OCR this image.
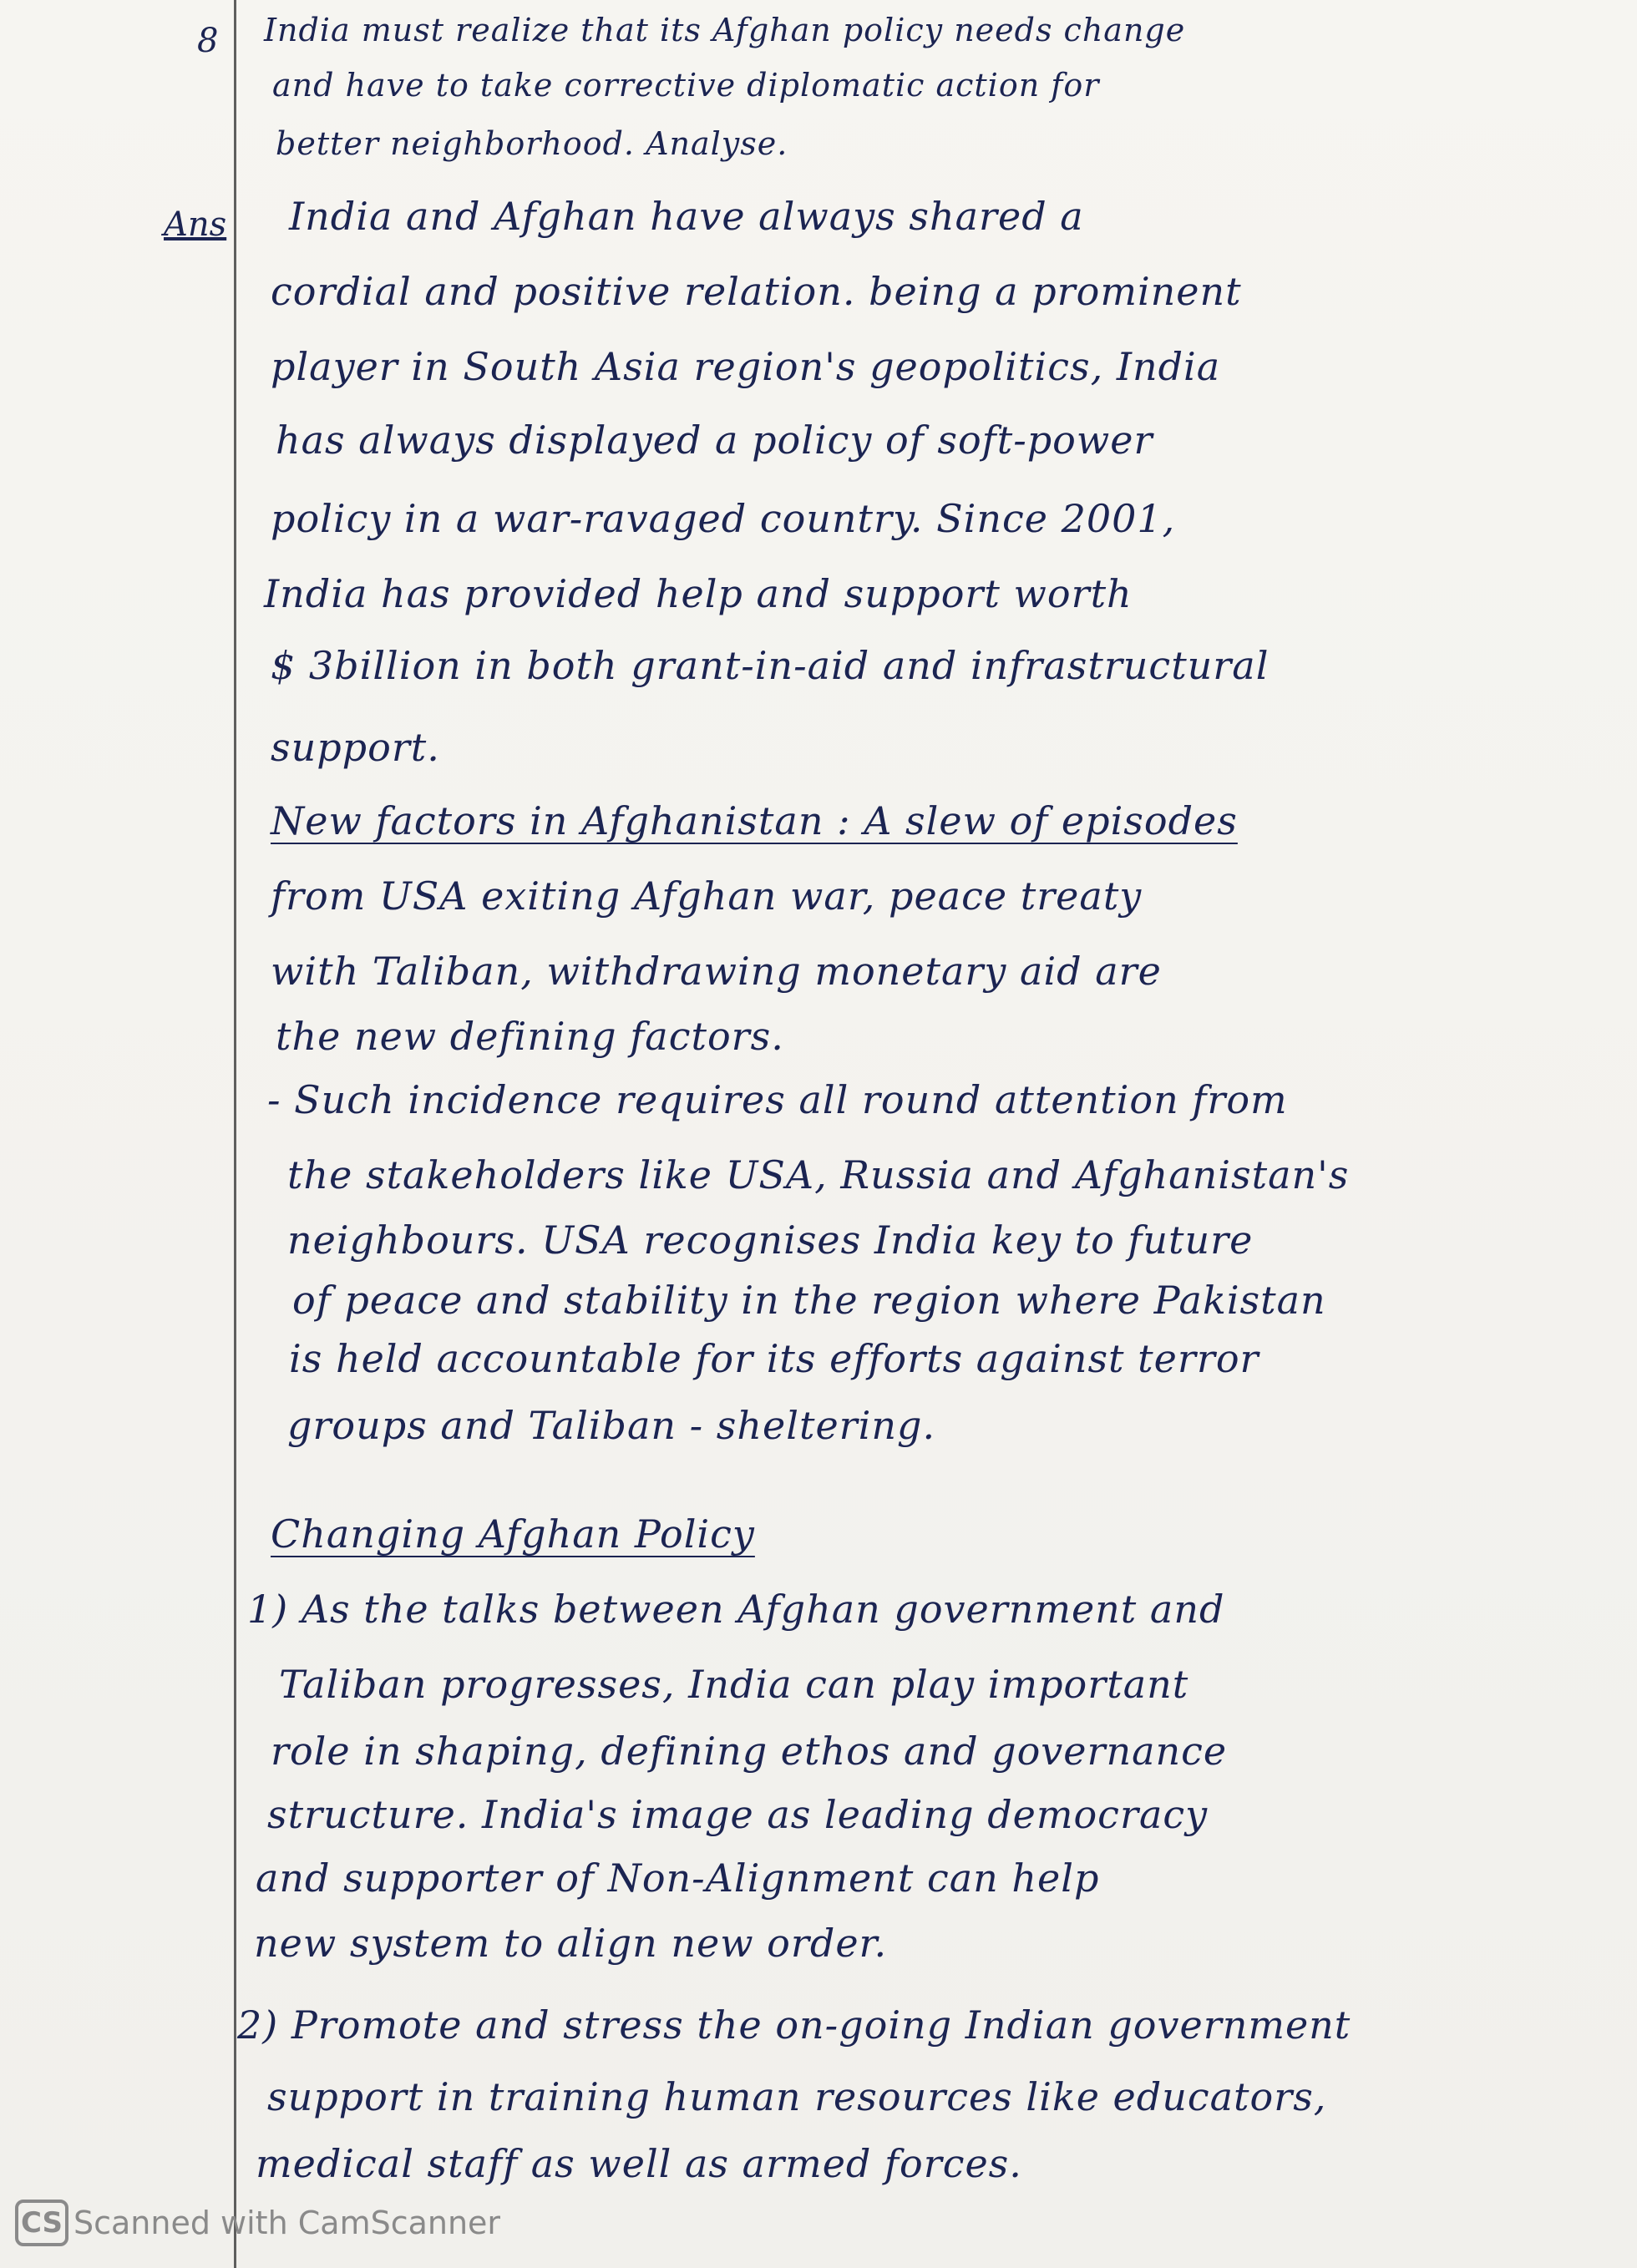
8 India must realize that its Afghan policy needs change
and have to take corrective diplomatic action for
better neighborhood. Analyse.
Ans India and Afghan have always shared a
cordial and positive relation. being a prominent
player in South Asia region's geopolitics, India
has always displayed a policy of soft-power
policy in a war-ravaged country. Since 2001,
India has provided help and support worth
$ 3billion in both grant-in-aid and infrastructural
support.
New factors in Afghanistan : A slew of episodes
from USA exiting Afghan war, peace treaty
with Taliban, withdrawing monetary aid are
the new defining factors.
- Such incidence requires all round attention from
the stakeholders like USA, Russia and Afghanistan's
neighbours. USA recognises India key to future
of peace and stability in the region where Pakistan
is held accountable for its efforts against terror
groups and Taliban - sheltering.
Changing Afghan Policy
1) As the talks between Afghan government and
Taliban progresses, India can play important
role in shaping, defining ethos and governance
structure. India's image as leading democracy
and supporter of Non-Alignment can help
new system to align new order.
2) Promote and stress the on-going Indian government
support in training human resources like educators,
medical staff as well as armed forces.
CS Scanned with CamScanner
